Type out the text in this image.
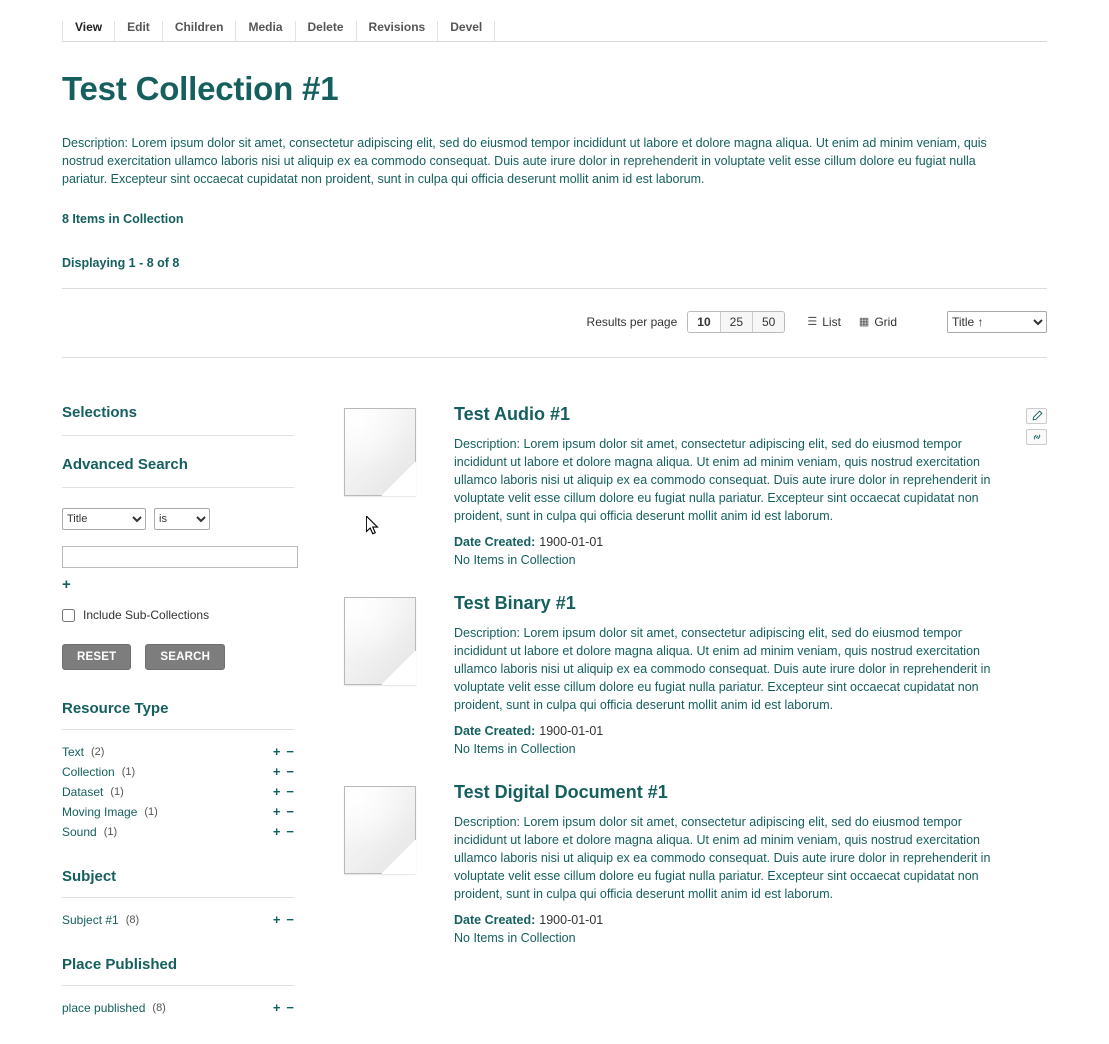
View	Edit	Children	Media	Delete	Revisions	Devel
Test Collection #1

Description: Lorem ipsum dolor sit amet, consectetur adipiscing elit, sed do eiusmod tempor incididunt ut labore et dolore magna aliqua. Ut enim ad minim veniam, quis nostrud exercitation ullamco laboris nisi ut aliquip ex ea commodo consequat. Duis aute irure dolor in reprehenderit in voluptate velit esse cillum dolore eu fugiat nulla pariatur. Excepteur sint occaecat cupidatat non proident, sunt in culpa qui officia deserunt mollit anim id est laborum.

8 Items in Collection
Displaying 1 - 8 of 8
Results per page	10	25	50	☰ List ▦ Grid
Title ↑
Selections
Advanced Search
Title
is
+
Include Sub-Collections
RESET	SEARCH
Resource Type
Text (2)	+ −
Collection (1)	+ −
Dataset (1)	+ −
Moving Image (1)	+ −
Sound (1)	+ −
Subject
Subject #1 (8)	+ −
Place Published
place published (8)	+ −
Test Audio #1
Description: Lorem ipsum dolor sit amet, consectetur adipiscing elit, sed do eiusmod tempor incididunt ut labore et dolore magna aliqua. Ut enim ad minim veniam, quis nostrud exercitation ullamco laboris nisi ut aliquip ex ea commodo consequat. Duis aute irure dolor in reprehenderit in voluptate velit esse cillum dolore eu fugiat nulla pariatur. Excepteur sint occaecat cupidatat non proident, sunt in culpa qui officia deserunt mollit anim id est laborum.
Date Created: 1900-01-01
No Items in Collection
Test Binary #1
Description: Lorem ipsum dolor sit amet, consectetur adipiscing elit, sed do eiusmod tempor incididunt ut labore et dolore magna aliqua. Ut enim ad minim veniam, quis nostrud exercitation ullamco laboris nisi ut aliquip ex ea commodo consequat. Duis aute irure dolor in reprehenderit in voluptate velit esse cillum dolore eu fugiat nulla pariatur. Excepteur sint occaecat cupidatat non proident, sunt in culpa qui officia deserunt mollit anim id est laborum.
Date Created: 1900-01-01
No Items in Collection
Test Digital Document #1
Description: Lorem ipsum dolor sit amet, consectetur adipiscing elit, sed do eiusmod tempor incididunt ut labore et dolore magna aliqua. Ut enim ad minim veniam, quis nostrud exercitation ullamco laboris nisi ut aliquip ex ea commodo consequat. Duis aute irure dolor in reprehenderit in voluptate velit esse cillum dolore eu fugiat nulla pariatur. Excepteur sint occaecat cupidatat non proident, sunt in culpa qui officia deserunt mollit anim id est laborum.
Date Created: 1900-01-01
No Items in Collection
